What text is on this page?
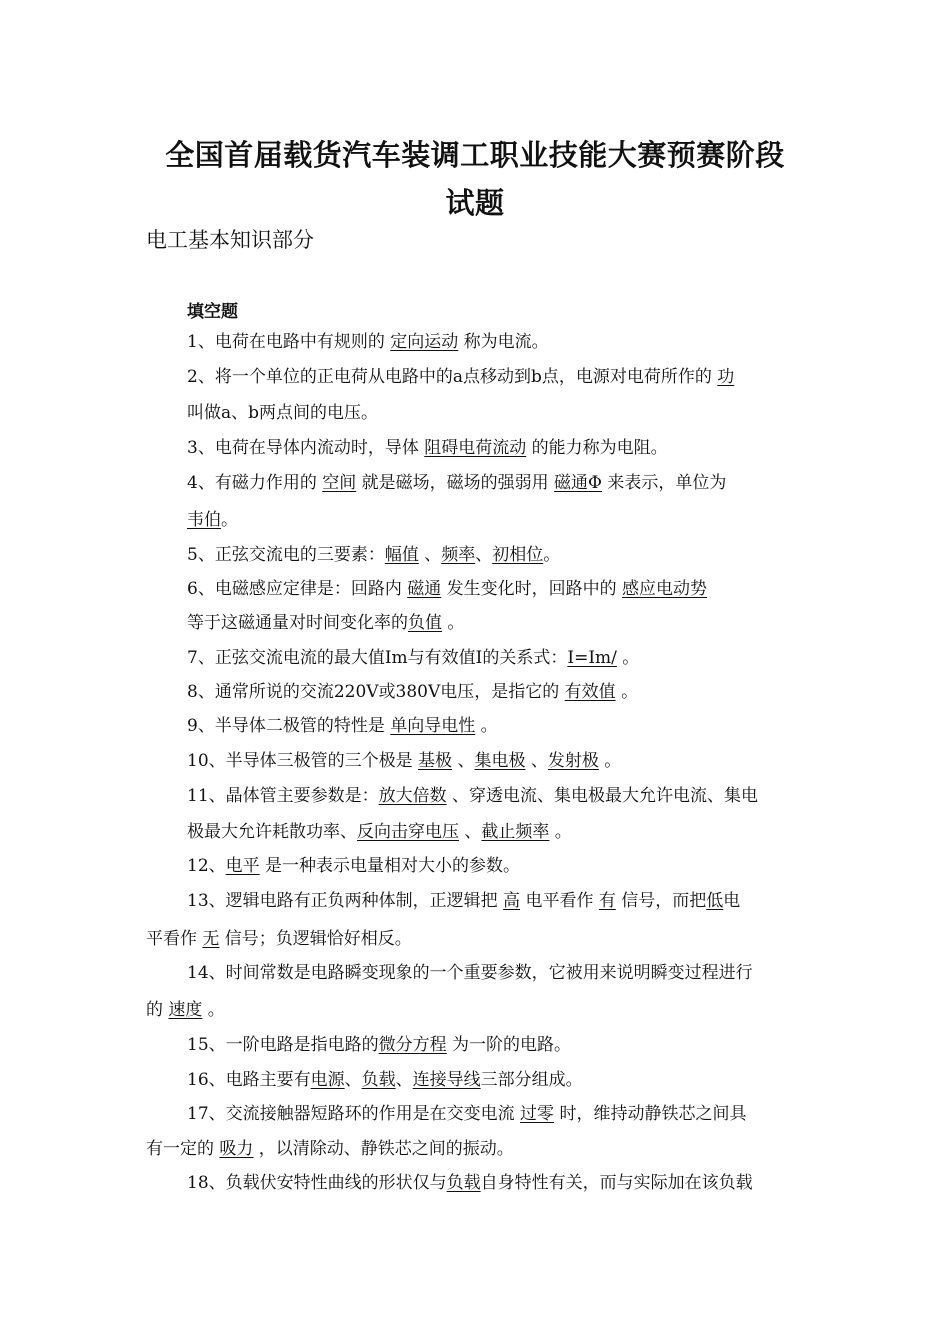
全国首届载货汽车装调工职业技能大赛预赛阶段
试题
电工基本知识部分
填空题
1、电荷在电路中有规则的 定向运动 称为电流。
2、将一个单位的正电荷从电路中的a点移动到b点，电源对电荷所作的 功
叫做a、b两点间的电压。
3、电荷在导体内流动时，导体 阻碍电荷流动 的能力称为电阻。
4、有磁力作用的 空间 就是磁场，磁场的强弱用 磁通Φ 来表示，单位为
韦伯。
5、正弦交流电的三要素：幅值 、频率、初相位。
6、电磁感应定律是：回路内 磁通 发生变化时，回路中的 感应电动势
等于这磁通量对时间变化率的负值 。
7、正弦交流电流的最大值Im与有效值I的关系式：I=Im/ 。
8、通常所说的交流220V或380V电压，是指它的 有效值 。
9、半导体二极管的特性是 单向导电性 。
10、半导体三极管的三个极是 基极 、集电极 、发射极 。
11、晶体管主要参数是：放大倍数 、穿透电流、集电极最大允许电流、集电
极最大允许耗散功率、反向击穿电压 、截止频率 。
12、电平 是一种表示电量相对大小的参数。
13、逻辑电路有正负两种体制，正逻辑把 高 电平看作 有 信号，而把低电
平看作 无 信号；负逻辑恰好相反。
14、时间常数是电路瞬变现象的一个重要参数，它被用来说明瞬变过程进行
的 速度 。
15、一阶电路是指电路的微分方程 为一阶的电路。
16、电路主要有电源、负载、连接导线三部分组成。
17、交流接触器短路环的作用是在交变电流 过零 时，维持动静铁芯之间具
有一定的 吸力 ，以清除动、静铁芯之间的振动。
18、负载伏安特性曲线的形状仅与负载自身特性有关，而与实际加在该负载
